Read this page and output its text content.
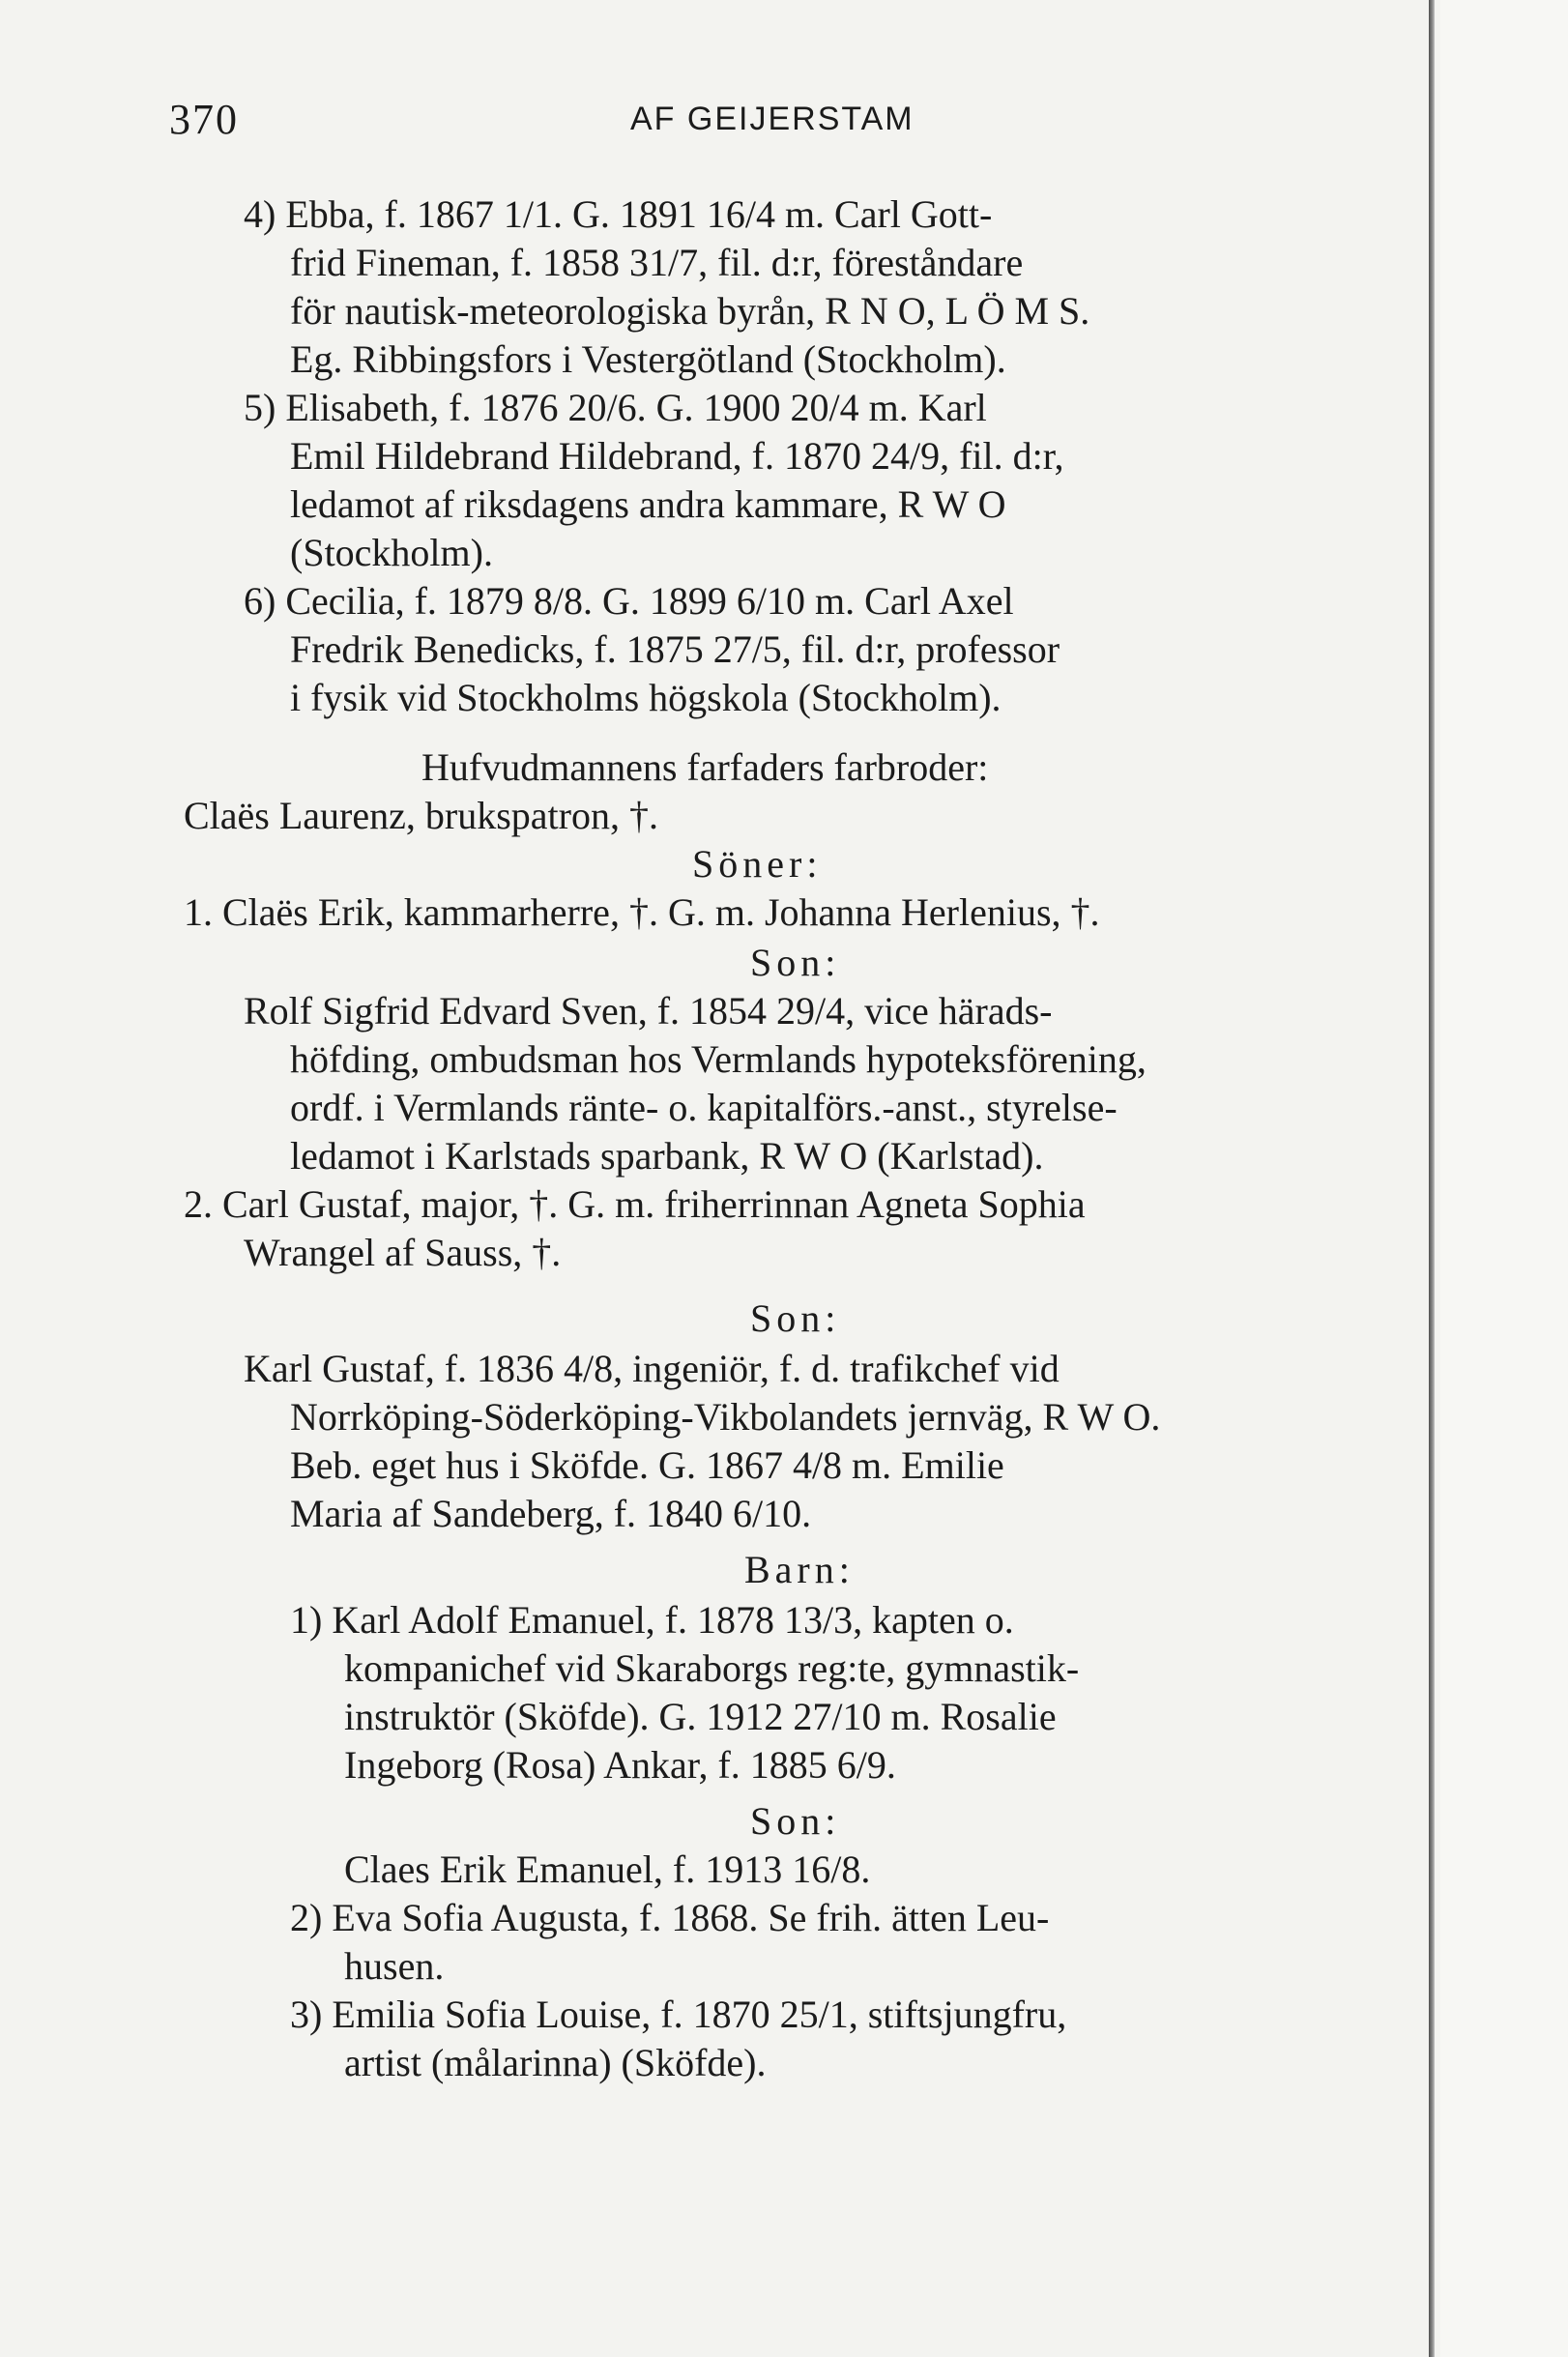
370	AF GEIJERSTAM
4) Ebba, f. 1867 1/1. G. 1891 16/4 m. Carl Gott-
frid Fineman, f. 1858 31/7, fil. d:r, föreståndare
för nautisk-meteorologiska byrån, R N O, L Ö M S.
Eg. Ribbingsfors i Vestergötland (Stockholm).
5) Elisabeth, f. 1876 20/6. G. 1900 20/4 m. Karl
Emil Hildebrand Hildebrand, f. 1870 24/9, fil. d:r,
ledamot af riksdagens andra kammare, R W O
(Stockholm).
6) Cecilia, f. 1879 8/8. G. 1899 6/10 m. Carl Axel
Fredrik Benedicks, f. 1875 27/5, fil. d:r, professor
i fysik vid Stockholms högskola (Stockholm).
Hufvudmannens farfaders farbroder:
Claës Laurenz, brukspatron, †.
Söner:
1. Claës Erik, kammarherre, †. G. m. Johanna Herlenius, †.
Son:
Rolf Sigfrid Edvard Sven, f. 1854 29/4, vice härads-
höfding, ombudsman hos Vermlands hypoteksförening,
ordf. i Vermlands ränte- o. kapitalförs.-anst., styrelse-
ledamot i Karlstads sparbank, R W O (Karlstad).
2. Carl Gustaf, major, †. G. m. friherrinnan Agneta Sophia
Wrangel af Sauss, †.
Son:
Karl Gustaf, f. 1836 4/8, ingeniör, f. d. trafikchef vid
Norrköping-Söderköping-Vikbolandets jernväg, R W O.
Beb. eget hus i Sköfde. G. 1867 4/8 m. Emilie
Maria af Sandeberg, f. 1840 6/10.
Barn:
1) Karl Adolf Emanuel, f. 1878 13/3, kapten o.
kompanichef vid Skaraborgs reg:te, gymnastik-
instruktör (Sköfde). G. 1912 27/10 m. Rosalie
Ingeborg (Rosa) Ankar, f. 1885 6/9.
Son:
Claes Erik Emanuel, f. 1913 16/8.
2) Eva Sofia Augusta, f. 1868. Se frih. ätten Leu-
husen.
3) Emilia Sofia Louise, f. 1870 25/1, stiftsjungfru,
artist (målarinna) (Sköfde).
